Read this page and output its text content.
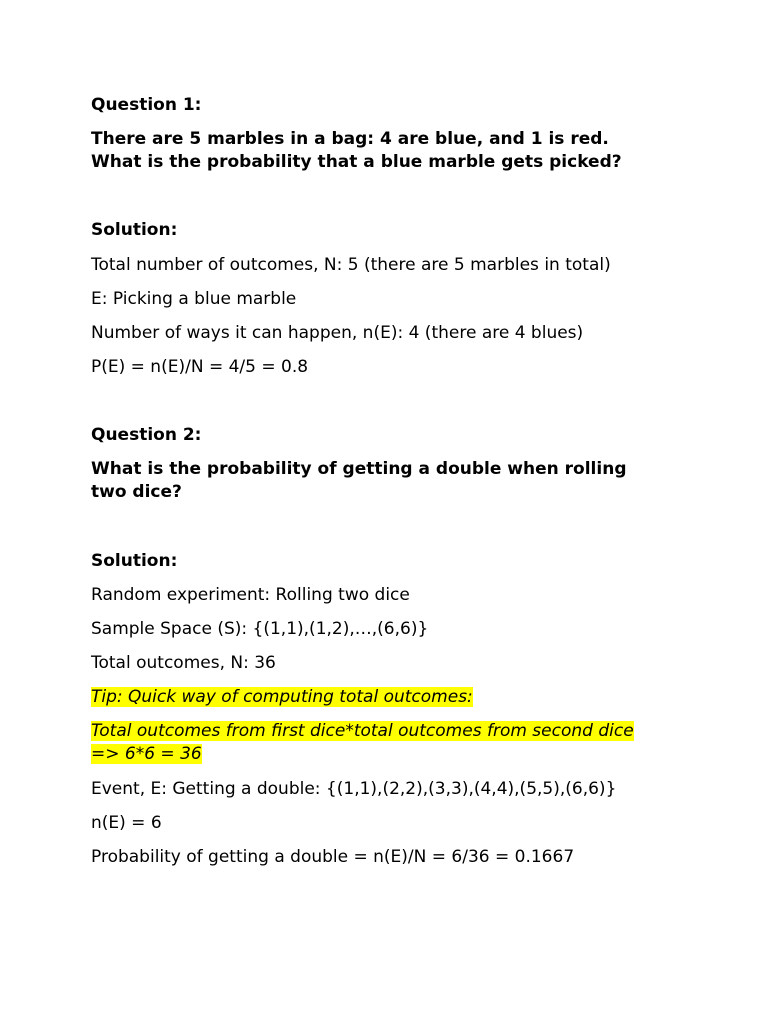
Question 1:
There are 5 marbles in a bag: 4 are blue, and 1 is red.
What is the probability that a blue marble gets picked?
Solution:
Total number of outcomes, N: 5 (there are 5 marbles in total)
E: Picking a blue marble
Number of ways it can happen, n(E): 4 (there are 4 blues)
P(E) = n(E)/N = 4/5 = 0.8
Question 2:
What is the probability of getting a double when rolling
two dice?
Solution:
Random experiment: Rolling two dice
Sample Space (S): {(1,1),(1,2),…,(6,6)}
Total outcomes, N: 36
Tip: Quick way of computing total outcomes:
Total outcomes from first dice*total outcomes from second dice
=> 6*6 = 36
Event, E: Getting a double: {(1,1),(2,2),(3,3),(4,4),(5,5),(6,6)}
n(E) = 6
Probability of getting a double = n(E)/N = 6/36 = 0.1667
